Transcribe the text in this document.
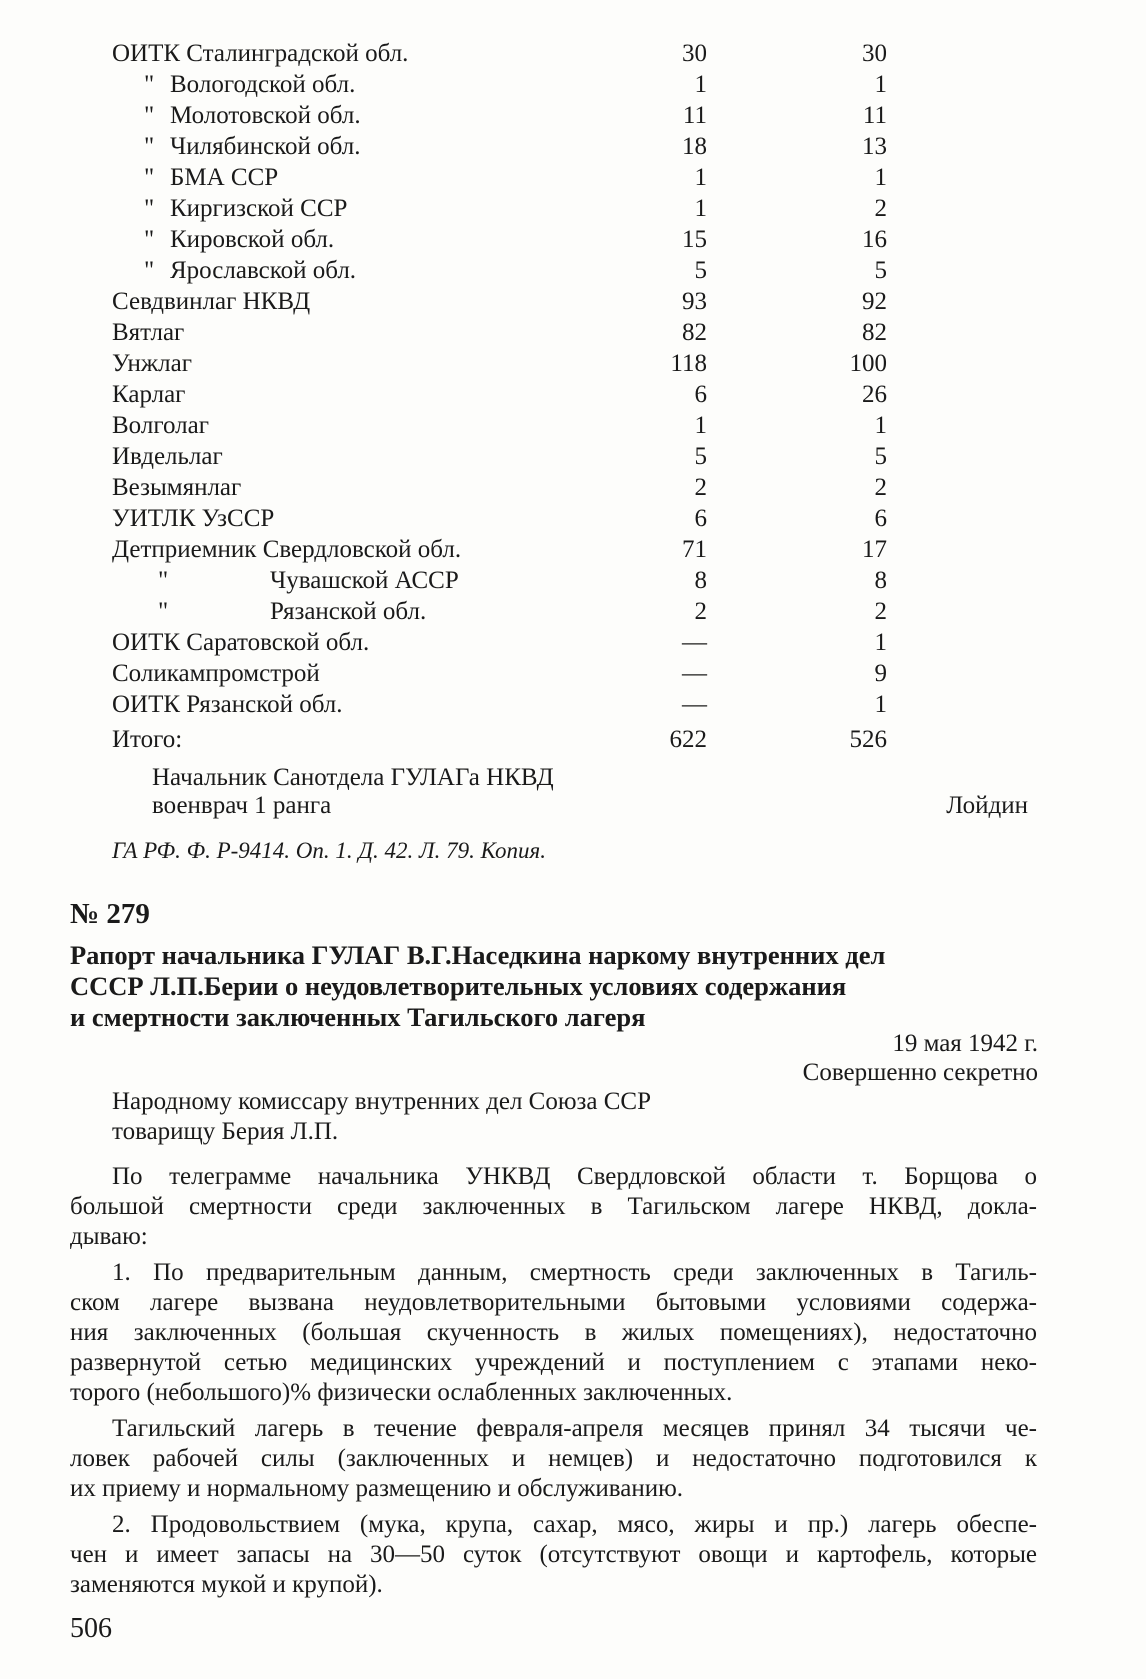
ОИТК Сталинградской обл.	30	30
" Вологодской обл.	1	1
" Молотовской обл.	11	11
" Чилябинской обл.	18	13
" БМА ССР	1	1
" Киргизской ССР	1	2
" Кировской обл.	15	16
" Ярославской обл.	5	5
Севдвинлаг НКВД	93	92
Вятлаг	82	82
Унжлаг	118	100
Карлаг	6	26
Волголаг	1	1
Ивдельлаг	5	5
Везымянлаг	2	2
УИТЛК УзССР	6	6
Детприемник Свердловской обл.	71	17
"	Чувашской АССР	8	8
"	Рязанской обл.	2	2
ОИТК Саратовской обл.	—	1
Соликампромстрой	—	9
ОИТК Рязанской обл.	—	1
Итого:	622	526
Начальник Санотдела ГУЛАГа НКВД
военврач 1 ранга	Лойдин
ГА РФ. Ф. Р-9414. Оп. 1. Д. 42. Л. 79. Копия.
№ 279
Рапорт начальника ГУЛАГ В.Г.Наседкина наркому внутренних дел
СССР Л.П.Берии о неудовлетворительных условиях содержания
и смертности заключенных Тагильского лагеря
19 мая 1942 г.
Совершенно секретно
Народному комиссару внутренних дел Союза ССР
товарищу Берия Л.П.
По телеграмме начальника УНКВД Свердловской области т. Борщова о
большой смертности среди заключенных в Тагильском лагере НКВД, докла-
дываю:
1. По предварительным данным, смертность среди заключенных в Тагиль-
ском лагере вызвана неудовлетворительными бытовыми условиями содержа-
ния заключенных (большая скученность в жилых помещениях), недостаточно
развернутой сетью медицинских учреждений и поступлением с этапами неко-
торого (небольшого)% физически ослабленных заключенных.
Тагильский лагерь в течение февраля-апреля месяцев принял 34 тысячи че-
ловек рабочей силы (заключенных и немцев) и недостаточно подготовился к
их приему и нормальному размещению и обслуживанию.
2. Продовольствием (мука, крупа, сахар, мясо, жиры и пр.) лагерь обеспе-
чен и имеет запасы на 30—50 суток (отсутствуют овощи и картофель, которые
заменяются мукой и крупой).
506
